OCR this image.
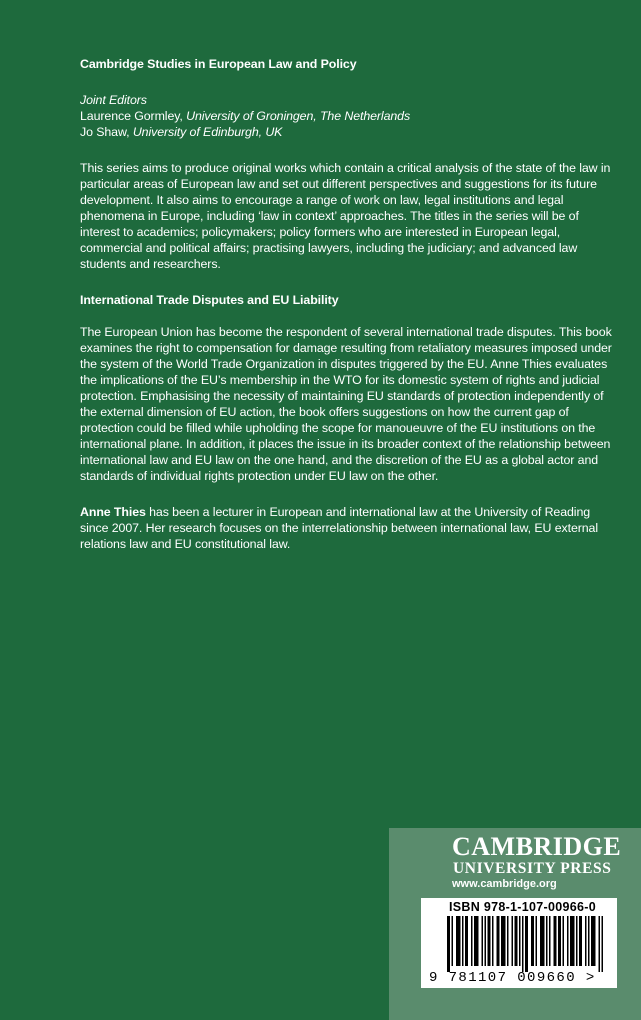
Cambridge Studies in European Law and Policy

Joint Editors
Laurence Gormley, University of Groningen, The Netherlands
Jo Shaw, University of Edinburgh, UK

This series aims to produce original works which contain a critical analysis of the state of the law in particular areas of European law and set out different perspectives and suggestions for its future development. It also aims to encourage a range of work on law, legal institutions and legal phenomena in Europe, including ‘law in context’ approaches. The titles in the series will be of interest to academics; policymakers; policy formers who are interested in European legal, commercial and political affairs; practising lawyers, including the judiciary; and advanced law students and researchers.

International Trade Disputes and EU Liability

The European Union has become the respondent of several international trade disputes. This book examines the right to compensation for damage resulting from retaliatory measures imposed under the system of the World Trade Organization in disputes triggered by the EU. Anne Thies evaluates the implications of the EU’s membership in the WTO for its domestic system of rights and judicial protection. Emphasising the necessity of maintaining EU standards of protection independently of the external dimension of EU action, the book offers suggestions on how the current gap of protection could be filled while upholding the scope for manoueuvre of the EU institutions on the international plane. In addition, it places the issue in its broader context of the relationship between international law and EU law on the one hand, and the discretion of the EU as a global actor and standards of individual rights protection under EU law on the other.

Anne Thies has been a lecturer in European and international law at the University of Reading since 2007. Her research focuses on the interrelationship between international law, EU external relations law and EU constitutional law.

CAMBRIDGE
UNIVERSITY PRESS
www.cambridge.org
ISBN 978-1-107-00966-0
9 781107 009660 >
